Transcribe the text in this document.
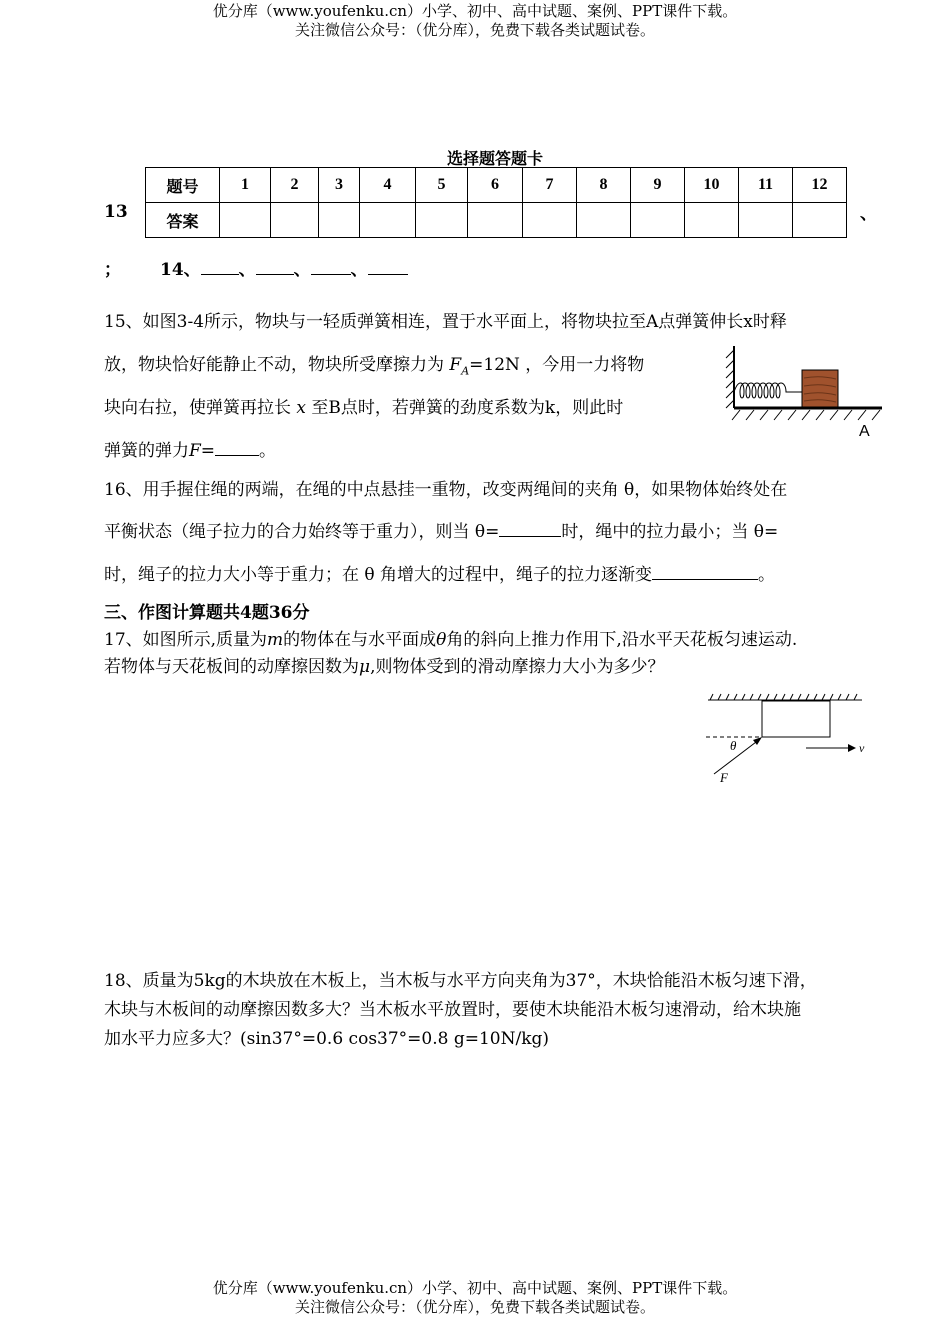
优分库（www.youfenku.cn）小学、初中、高中试题、案例、PPT课件下载。
关注微信公众号：（优分库），免费下载各类试题试卷。
选择题答题卡
题号	1	2	3	4	5	6	7	8	9	10	11	12
答案												
13	、
； 14、 、 、 、
15、如图3-4所示，物块与一轻质弹簧相连，置于水平面上，将物块拉至A点弹簧伸长x时释
放，物块恰好能静止不动，物块所受摩擦力为 $F_A=12N$ ，今用一力将物
块向右拉，使弹簧再拉长 x 至B点时，若弹簧的劲度系数为k，则此时
弹簧的弹力F=	。
A
16、用手握住绳的两端，在绳的中点悬挂一重物，改变两绳间的夹角 θ，如果物体始终处在
平衡状态（绳子拉力的合力始终等于重力），则当 θ=	时，绳中的拉力最小；当 θ=
时，绳子的拉力大小等于重力；在 θ 角增大的过程中，绳子的拉力逐渐变	。
三、作图计算题共4题36分
17、如图所示,质量为m的物体在与水平面成θ角的斜向上推力作用下,沿水平天花板匀速运动.
若物体与天花板间的动摩擦因数为μ,则物体受到的滑动摩擦力大小为多少？
θ
F
v
18、质量为5kg的木块放在木板上，当木板与水平方向夹角为37°，木块恰能沿木板匀速下滑，
木块与木板间的动摩擦因数多大？当木板水平放置时，要使木块能沿木板匀速滑动，给木块施
加水平力应多大？(sin37°=0.6 cos37°=0.8 g=10N/kg)
优分库（www.youfenku.cn）小学、初中、高中试题、案例、PPT课件下载。
关注微信公众号：（优分库），免费下载各类试题试卷。
